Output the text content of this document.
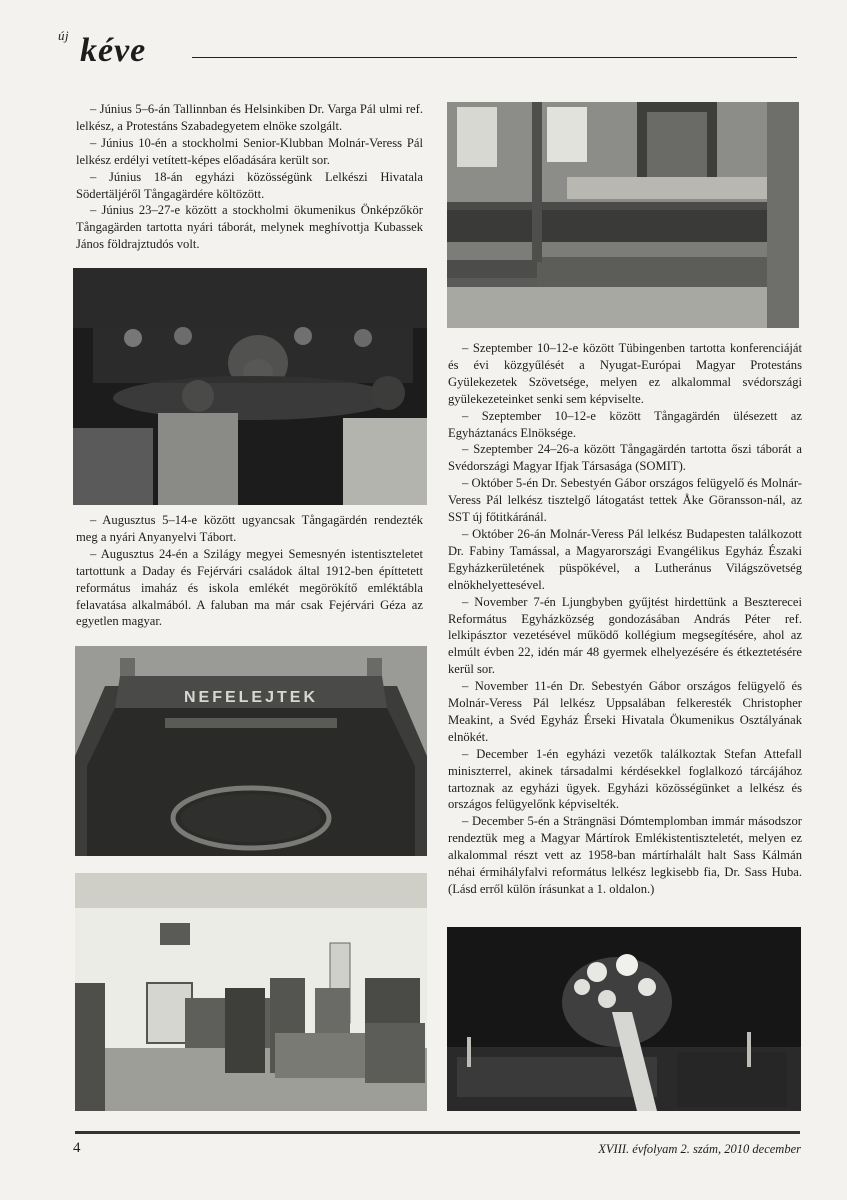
új kéve

– Június 5–6-án Tallinnban és Helsinkiben Dr. Varga Pál ulmi ref. lelkész, a Protestáns Szabadegyetem elnöke szolgált.

– Június 10-én a stockholmi Senior-Klubban Molnár-Veress Pál lelkész erdélyi vetített-képes előadására került sor.

– Június 18-án egyházi közösségünk Lelkészi Hivatala Södertäljéről Tångagärdére költözött.

– Június 23–27-e között a stockholmi ökumenikus Önképzőkör Tångagärden tartotta nyári táborát, melynek meghívottja Kubassek János földrajztudós volt.

– Augusztus 5–14-e között ugyancsak Tångagärdén rendezték meg a nyári Anyanyelvi Tábort.

– Augusztus 24-én a Szilágy megyei Semesnyén istentiszteletet tartottunk a Daday és Fejérvári családok által 1912-ben építtetett református imaház és iskola emlékét megörökítő emléktábla felavatása alkalmából. A faluban ma már csak Fejérvári Géza az egyetlen magyar.

NEFELEJTEK

– Szeptember 10–12-e között Tübingenben tartotta konferenciáját és évi közgyűlését a Nyugat-Európai Magyar Protestáns Gyülekezetek Szövetsége, melyen ez alkalommal svédországi gyülekezeteinket senki sem képviselte.

– Szeptember 10–12-e között Tångagärdén ülésezett az Egyháztanács Elnöksége.

– Szeptember 24–26-a között Tångagärdén tartotta őszi táborát a Svédországi Magyar Ifjak Társasága (SOMIT).

– Október 5-én Dr. Sebestyén Gábor országos felügyelő és Molnár-Veress Pál lelkész tisztelgő látogatást tettek Åke Göransson-nál, az SST új főtitkáránál.

– Október 26-án Molnár-Veress Pál lelkész Budapesten találkozott Dr. Fabiny Tamással, a Magyarországi Evangélikus Egyház Északi Egyházkerületének püspökével, a Lutheránus Világszövetség elnökhelyettesével.

– November 7-én Ljungbyben gyűjtést hirdettünk a Beszterecei Református Egyházközség gondozásában András Péter ref. lelkipásztor vezetésével működő kollégium megsegítésére, ahol az elmúlt évben 22, idén már 48 gyermek elhelyezésére és étkeztetésére kerül sor.

– November 11-én Dr. Sebestyén Gábor országos felügyelő és Molnár-Veress Pál lelkész Uppsalában felkeresték Christopher Meakint, a Svéd Egyház Érseki Hivatala Ökumenikus Osztályának elnökét.

– December 1-én egyházi vezetők találkoztak Stefan Attefall miniszterrel, akinek társadalmi kérdésekkel foglalkozó tárcájához tartoznak az egyházi ügyek. Egyházi közösségünket a lelkész és országos felügyelőnk képviselték.

– December 5-én a Strängnäsi Dómtemplomban immár másodszor rendeztük meg a Magyar Mártírok Emlékistentiszteletét, melyen ez alkalommal részt vett az 1958-ban mártírhalált halt Sass Kálmán néhai érmihályfalvi református lelkész legkisebb fia, Dr. Sass Huba. (Lásd erről külön írásunkat a 1. oldalon.)

4	XVIII. évfolyam 2. szám, 2010 december
